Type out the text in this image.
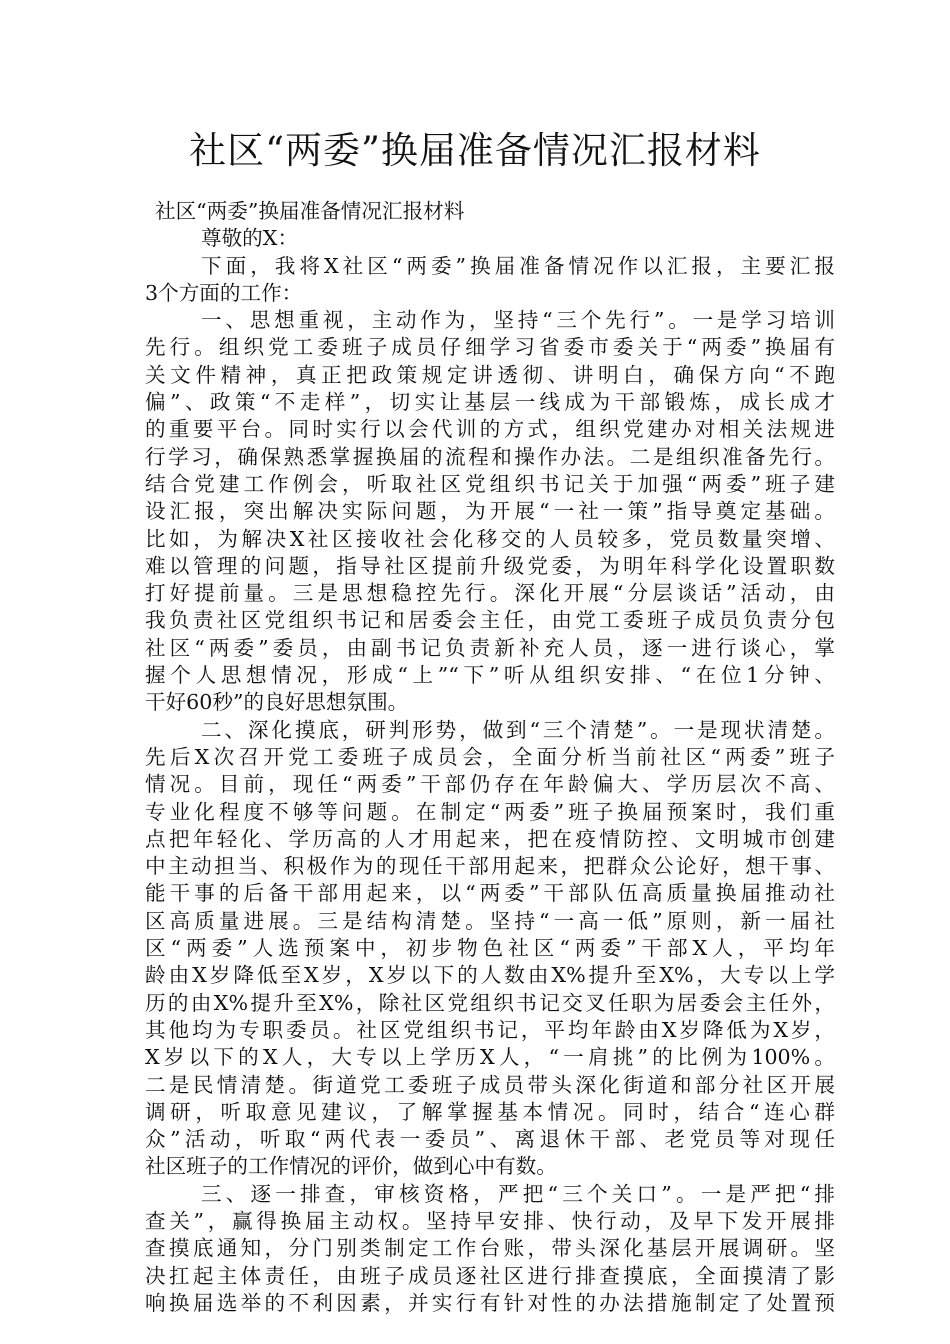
社区“两委”换届准备情况汇报材料
社区“两委”换届准备情况汇报材料
尊敬的X：
下面，我将X社区“两委”换届准备情况作以汇报，主要汇报
3个方面的工作：
一、思想重视，主动作为，坚持“三个先行”。一是学习培训
先行。组织党工委班子成员仔细学习省委市委关于“两委”换届有
关文件精神，真正把政策规定讲透彻、讲明白，确保方向“不跑
偏”、政策“不走样”，切实让基层一线成为干部锻炼，成长成才
的重要平台。同时实行以会代训的方式，组织党建办对相关法规进
行学习，确保熟悉掌握换届的流程和操作办法。二是组织准备先行。
结合党建工作例会，听取社区党组织书记关于加强“两委”班子建
设汇报，突出解决实际问题，为开展“一社一策”指导奠定基础。
比如，为解决X社区接收社会化移交的人员较多，党员数量突增、
难以管理的问题，指导社区提前升级党委，为明年科学化设置职数
打好提前量。三是思想稳控先行。深化开展“分层谈话”活动，由
我负责社区党组织书记和居委会主任，由党工委班子成员负责分包
社区“两委”委员，由副书记负责新补充人员，逐一进行谈心，掌
握个人思想情况，形成“上”“下”听从组织安排、“在位1分钟、
干好60秒”的良好思想氛围。
二、深化摸底，研判形势，做到“三个清楚”。一是现状清楚。
先后X次召开党工委班子成员会，全面分析当前社区“两委”班子
情况。目前，现任“两委”干部仍存在年龄偏大、学历层次不高、
专业化程度不够等问题。在制定“两委”班子换届预案时，我们重
点把年轻化、学历高的人才用起来，把在疫情防控、文明城市创建
中主动担当、积极作为的现任干部用起来，把群众公论好，想干事、
能干事的后备干部用起来，以“两委”干部队伍高质量换届推动社
区高质量进展。三是结构清楚。坚持“一高一低”原则，新一届社
区“两委”人选预案中，初步物色社区“两委”干部X人，平均年
龄由X岁降低至X岁，X岁以下的人数由X%提升至X%，大专以上学
历的由X%提升至X%，除社区党组织书记交叉任职为居委会主任外，
其他均为专职委员。社区党组织书记，平均年龄由X岁降低为X岁，
X岁以下的X人，大专以上学历X人，“一肩挑”的比例为100%。
二是民情清楚。街道党工委班子成员带头深化街道和部分社区开展
调研，听取意见建议，了解掌握基本情况。同时，结合“连心群
众”活动，听取“两代表一委员”、离退休干部、老党员等对现任
社区班子的工作情况的评价，做到心中有数。
三、逐一排查，审核资格，严把“三个关口”。一是严把“排
查关”，赢得换届主动权。坚持早安排、快行动，及早下发开展排
查摸底通知，分门别类制定工作台账，带头深化基层开展调研。坚
决扛起主体责任，由班子成员逐社区进行排查摸底，全面摸清了影
响换届选举的不利因素，并实行有针对性的办法措施制定了处置预
